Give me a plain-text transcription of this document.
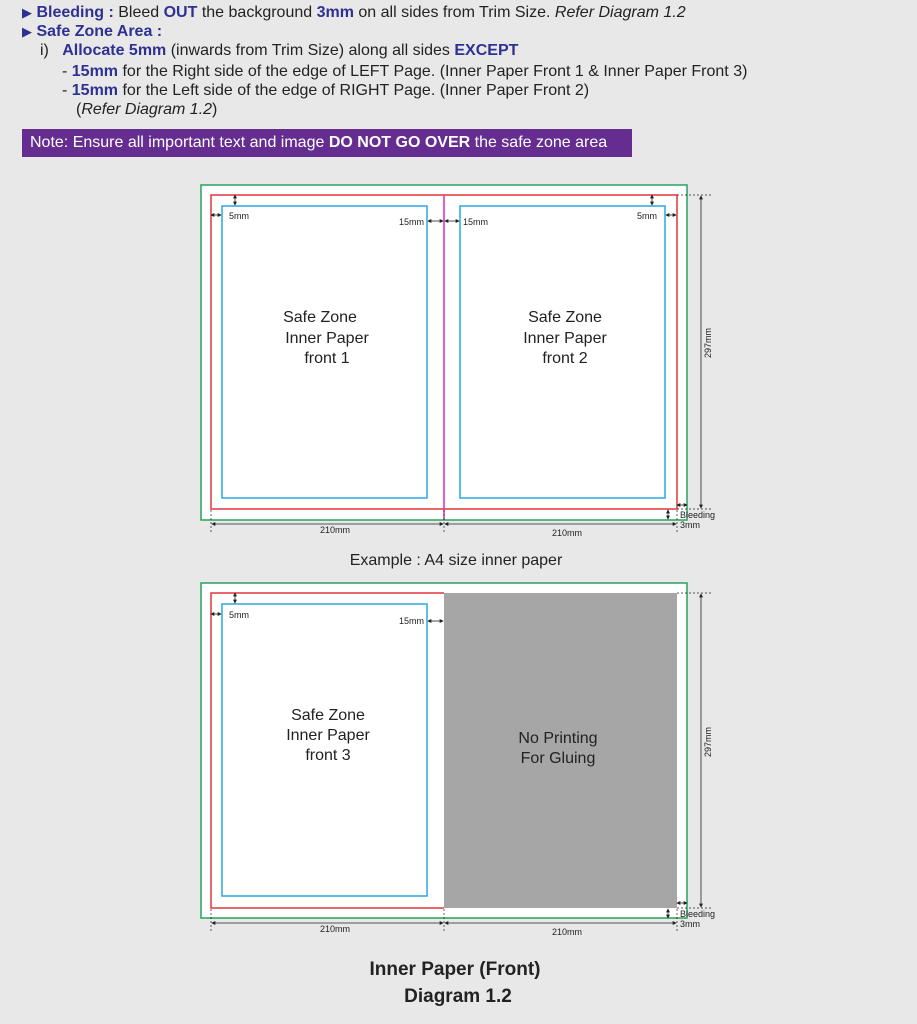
▶ Bleeding : Bleed OUT the background 3mm on all sides from Trim Size. Refer Diagram 1.2
▶ Safe Zone Area :
i) Allocate 5mm (inwards from Trim Size) along all sides EXCEPT
- 15mm for the Right side of the edge of LEFT Page. (Inner Paper Front 1 & Inner Paper Front 3)
- 15mm for the Left side of the edge of RIGHT Page. (Inner Paper Front 2)
(Refer Diagram 1.2)
Note: Ensure all important text and image DO NOT GO OVER the safe zone area
Safe Zone
Inner Paper
front 1
Safe Zone
Inner Paper
front 2
5mm
15mm	15mm
5mm
297mm
Bleeding
3mm
210mm	210mm
Example : A4 size inner paper
Safe Zone
Inner Paper
front 3
No Printing
For Gluing
5mm
15mm
297mm
Bleeding
3mm
210mm	210mm
Inner Paper (Front)
Diagram 1.2
